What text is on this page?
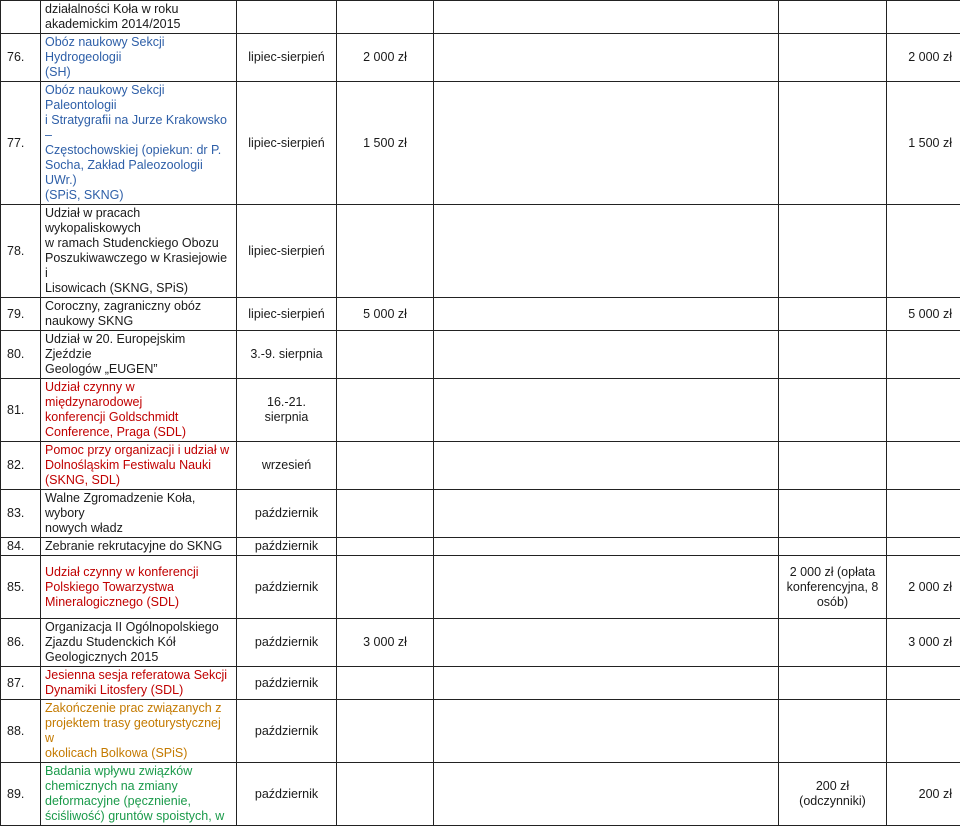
	działalności Koła w roku
akademickim 2014/2015					

76.	Obóz naukowy Sekcji Hydrogeologii
(SH)	lipiec-sierpień	2 000 zł			2 000 zł
77.	Obóz naukowy Sekcji Paleontologii
i Stratygrafii na Jurze Krakowsko –
Częstochowskiej (opiekun: dr P.
Socha, Zakład Paleozoologii UWr.)
(SPiS, SKNG)	lipiec-sierpień	1 500 zł			1 500 zł
78.	Udział w pracach wykopaliskowych
w ramach Studenckiego Obozu
Poszukiwawczego w Krasiejowie i
Lisowicach (SKNG, SPiS)	lipiec-sierpień				
79.	Coroczny, zagraniczny obóz
naukowy SKNG	lipiec-sierpień	5 000 zł			5 000 zł
80.	Udział w 20. Europejskim Zjeździe
Geologów „EUGEN”	3.-9. sierpnia				
81.	Udział czynny w międzynarodowej
konferencji Goldschmidt
Conference, Praga (SDL)	16.-21. sierpnia				
82.	Pomoc przy organizacji i udział w
Dolnośląskim Festiwalu Nauki
(SKNG, SDL)	wrzesień				
83.	Walne Zgromadzenie Koła, wybory
nowych władz	październik				
84.	Zebranie rekrutacyjne do SKNG	październik				
85.	Udział czynny w konferencji
Polskiego Towarzystwa
Mineralogicznego (SDL)	październik			2 000 zł (opłata konferencyjna, 8 osób)	2 000 zł
86.	Organizacja II Ogólnopolskiego
Zjazdu Studenckich Kół
Geologicznych 2015	październik	3 000 zł			3 000 zł
87.	Jesienna sesja referatowa Sekcji
Dynamiki Litosfery (SDL)	październik				
88.	Zakończenie prac związanych z
projektem trasy geoturystycznej w
okolicach Bolkowa (SPiS)	październik				
89.	Badania wpływu związków
chemicznych na zmiany
deformacyjne (pęcznienie,
ściśliwość) gruntów spoistych, w	październik			200 zł (odczynniki)	200 zł
